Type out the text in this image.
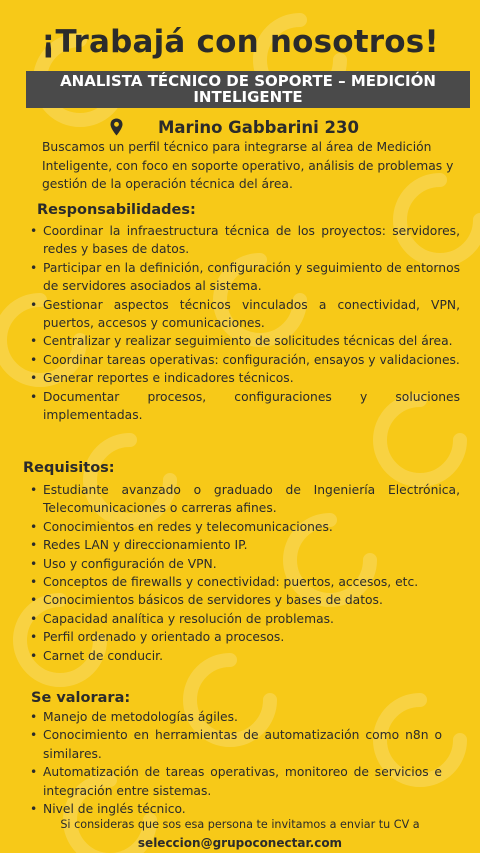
¡Trabajá con nosotros!
ANALISTA TÉCNICO DE SOPORTE – MEDICIÓN INTELIGENTE
Marino Gabbarini 230
Buscamos un perfil técnico para integrarse al área de Medición Inteligente, con foco en soporte operativo, análisis de problemas y gestión de la operación técnica del área.
Responsabilidades:
• Coordinar la infraestructura técnica de los proyectos: servidores, redes y bases de datos.
• Participar en la definición, configuración y seguimiento de entornos de servidores asociados al sistema.
• Gestionar aspectos técnicos vinculados a conectividad, VPN, puertos, accesos y comunicaciones.
• Centralizar y realizar seguimiento de solicitudes técnicas del área.
• Coordinar tareas operativas: configuración, ensayos y validaciones.
• Generar reportes e indicadores técnicos.
• Documentar procesos, configuraciones y soluciones implementadas.
Requisitos:
• Estudiante avanzado o graduado de Ingeniería Electrónica, Telecomunicaciones o carreras afines.
• Conocimientos en redes y telecomunicaciones.
• Redes LAN y direccionamiento IP.
• Uso y configuración de VPN.
• Conceptos de firewalls y conectividad: puertos, accesos, etc.
• Conocimientos básicos de servidores y bases de datos.
• Capacidad analítica y resolución de problemas.
• Perfil ordenado y orientado a procesos.
• Carnet de conducir.
Se valorara:
• Manejo de metodologías ágiles.
• Conocimiento en herramientas de automatización como n8n o similares.
• Automatización de tareas operativas, monitoreo de servicios e integración entre sistemas.
• Nivel de inglés técnico.
Si consideras que sos esa persona te invitamos a enviar tu CV a
seleccion@grupoconectar.com
